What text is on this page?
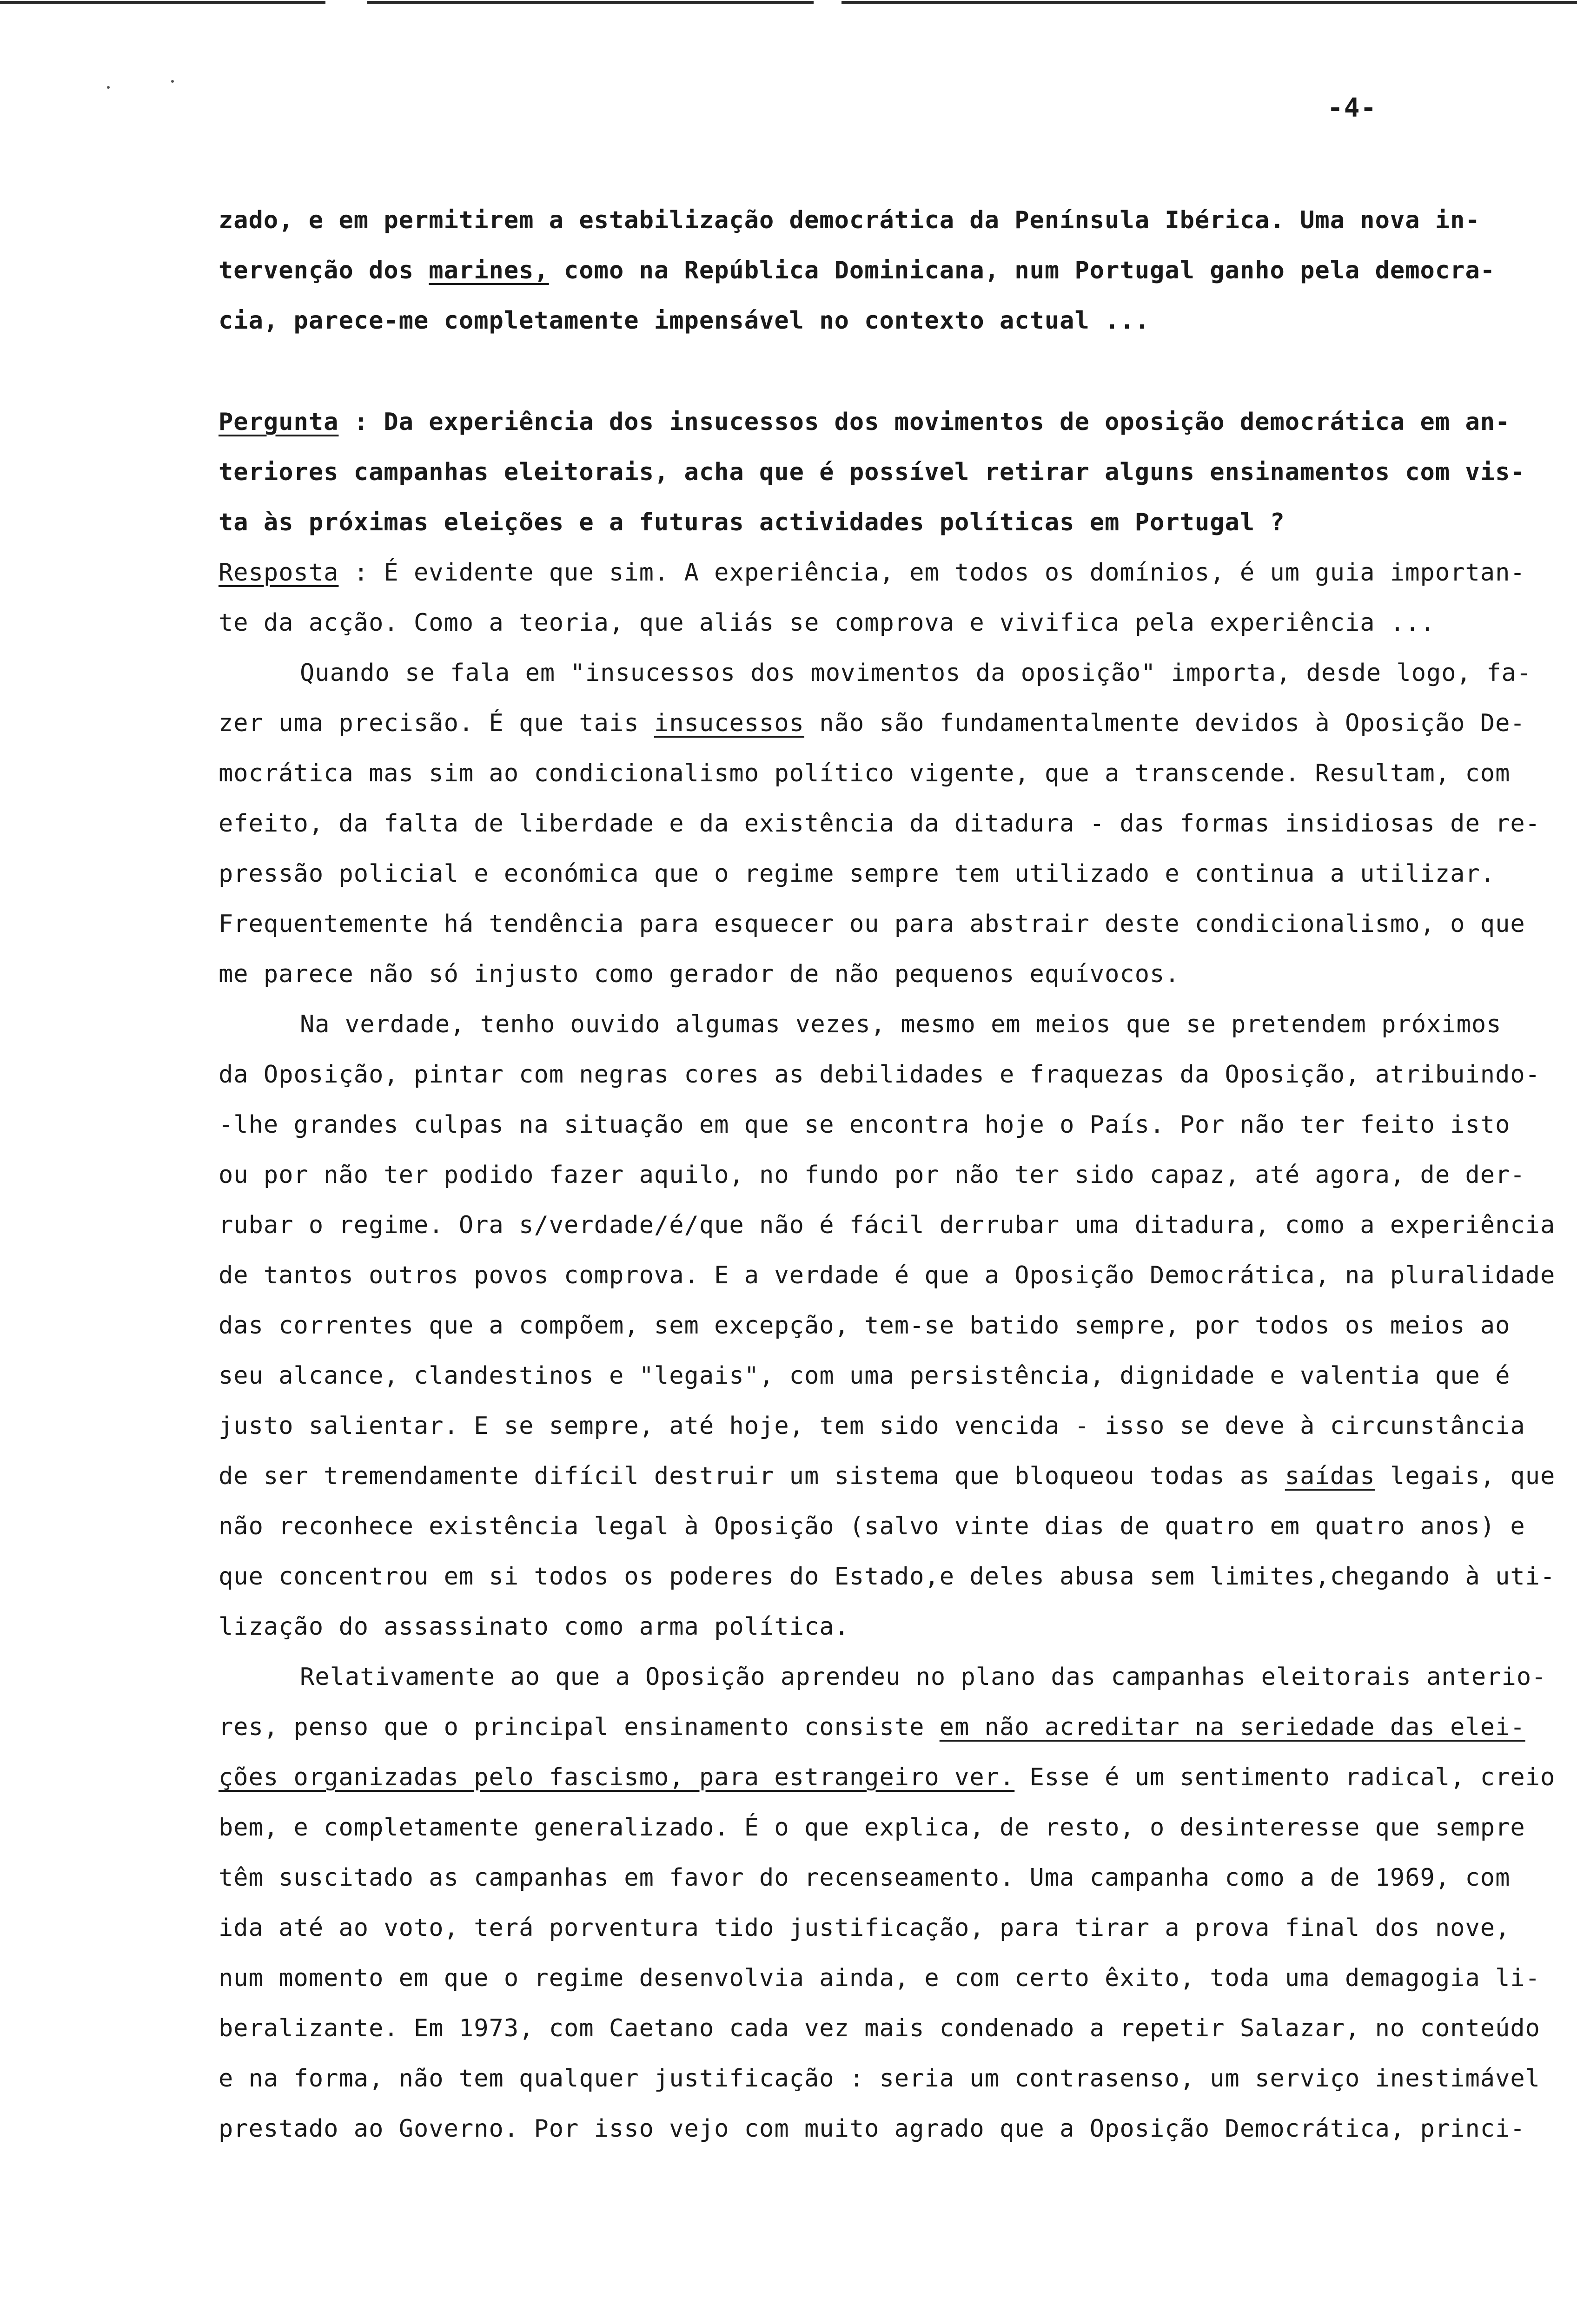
-4-
zado, e em permitirem a estabilização democrática da Península Ibérica. Uma nova in-
tervenção dos marines, como na República Dominicana, num Portugal ganho pela democra-
cia, parece-me completamente impensável no contexto actual ...
Pergunta : Da experiência dos insucessos dos movimentos de oposição democrática em an-
teriores campanhas eleitorais, acha que é possível retirar alguns ensinamentos com vis-
ta às próximas eleições e a futuras actividades políticas em Portugal ?
Resposta : É evidente que sim. A experiência, em todos os domínios, é um guia importan-
te da acção. Como a teoria, que aliás se comprova e vivifica pela experiência ...
Quando se fala em "insucessos dos movimentos da oposição" importa, desde logo, fa-
zer uma precisão. É que tais insucessos não são fundamentalmente devidos à Oposição De-
mocrática mas sim ao condicionalismo político vigente, que a transcende. Resultam, com
efeito, da falta de liberdade e da existência da ditadura - das formas insidiosas de re-
pressão policial e económica que o regime sempre tem utilizado e continua a utilizar.
Frequentemente há tendência para esquecer ou para abstrair deste condicionalismo, o que
me parece não só injusto como gerador de não pequenos equívocos.
Na verdade, tenho ouvido algumas vezes, mesmo em meios que se pretendem próximos
da Oposição, pintar com negras cores as debilidades e fraquezas da Oposição, atribuindo-
-lhe grandes culpas na situação em que se encontra hoje o País. Por não ter feito isto
ou por não ter podido fazer aquilo, no fundo por não ter sido capaz, até agora, de der-
rubar o regime. Ora s/verdade/é/que não é fácil derrubar uma ditadura, como a experiência
de tantos outros povos comprova. E a verdade é que a Oposição Democrática, na pluralidade
das correntes que a compõem, sem excepção, tem-se batido sempre, por todos os meios ao
seu alcance, clandestinos e "legais", com uma persistência, dignidade e valentia que é
justo salientar. E se sempre, até hoje, tem sido vencida - isso se deve à circunstância
de ser tremendamente difícil destruir um sistema que bloqueou todas as saídas legais, que
não reconhece existência legal à Oposição (salvo vinte dias de quatro em quatro anos) e
que concentrou em si todos os poderes do Estado,e deles abusa sem limites,chegando à uti-
lização do assassinato como arma política.
Relativamente ao que a Oposição aprendeu no plano das campanhas eleitorais anterio-
res, penso que o principal ensinamento consiste em não acreditar na seriedade das elei-
ções organizadas pelo fascismo, para estrangeiro ver. Esse é um sentimento radical, creio
bem, e completamente generalizado. É o que explica, de resto, o desinteresse que sempre
têm suscitado as campanhas em favor do recenseamento. Uma campanha como a de 1969, com
ida até ao voto, terá porventura tido justificação, para tirar a prova final dos nove,
num momento em que o regime desenvolvia ainda, e com certo êxito, toda uma demagogia li-
beralizante. Em 1973, com Caetano cada vez mais condenado a repetir Salazar, no conteúdo
e na forma, não tem qualquer justificação : seria um contrasenso, um serviço inestimável
prestado ao Governo. Por isso vejo com muito agrado que a Oposição Democrática, princi-
